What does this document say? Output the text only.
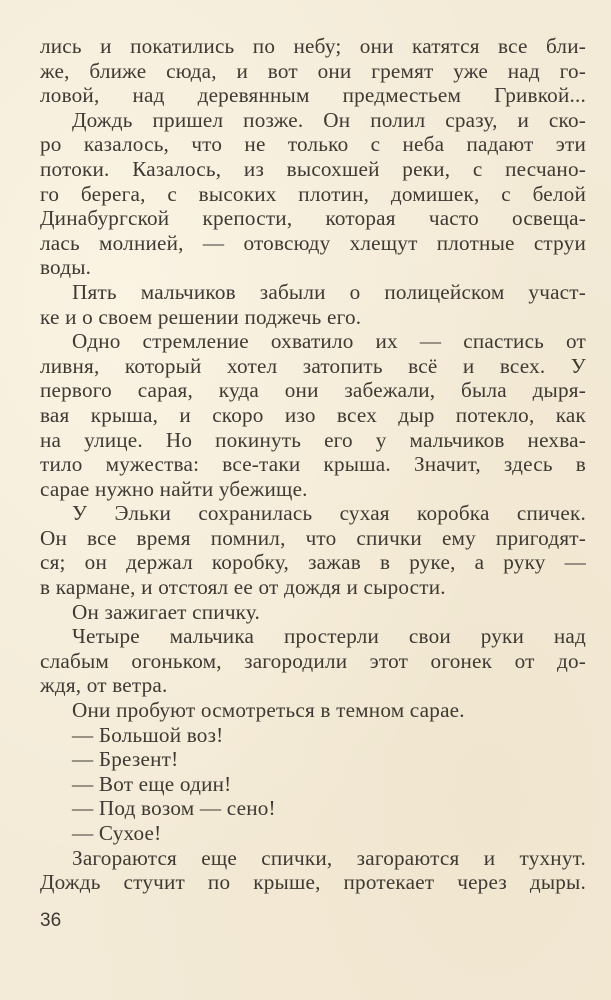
лись и покатились по небу; они катятся все бли-
же, ближе сюда, и вот они гремят уже над го-
ловой, над деревянным предместьем Гривкой...
Дождь пришел позже. Он полил сразу, и ско-
ро казалось, что не только с неба падают эти
потоки. Казалось, из высохшей реки, с песчано-
го берега, с высоких плотин, домишек, с белой
Динабургской крепости, которая часто освеща-
лась молнией, — отовсюду хлещут плотные струи
воды.
Пять мальчиков забыли о полицейском участ-
ке и о своем решении поджечь его.
Одно стремление охватило их — спастись от
ливня, который хотел затопить всё и всех. У
первого сарая, куда они забежали, была дыря-
вая крыша, и скоро изо всех дыр потекло, как
на улице. Но покинуть его у мальчиков нехва-
тило мужества: все-таки крыша. Значит, здесь в
сарае нужно найти убежище.
У Эльки сохранилась сухая коробка спичек.
Он все время помнил, что спички ему пригодят-
ся; он держал коробку, зажав в руке, а руку —
в кармане, и отстоял ее от дождя и сырости.
Он зажигает спичку.
Четыре мальчика простерли свои руки над
слабым огоньком, загородили этот огонек от до-
ждя, от ветра.
Они пробуют осмотреться в темном сарае.
— Большой воз!
— Брезент!
— Вот еще один!
— Под возом — сено!
— Сухое!
Загораются еще спички, загораются и тухнут.
Дождь стучит по крыше, протекает через дыры.
36
